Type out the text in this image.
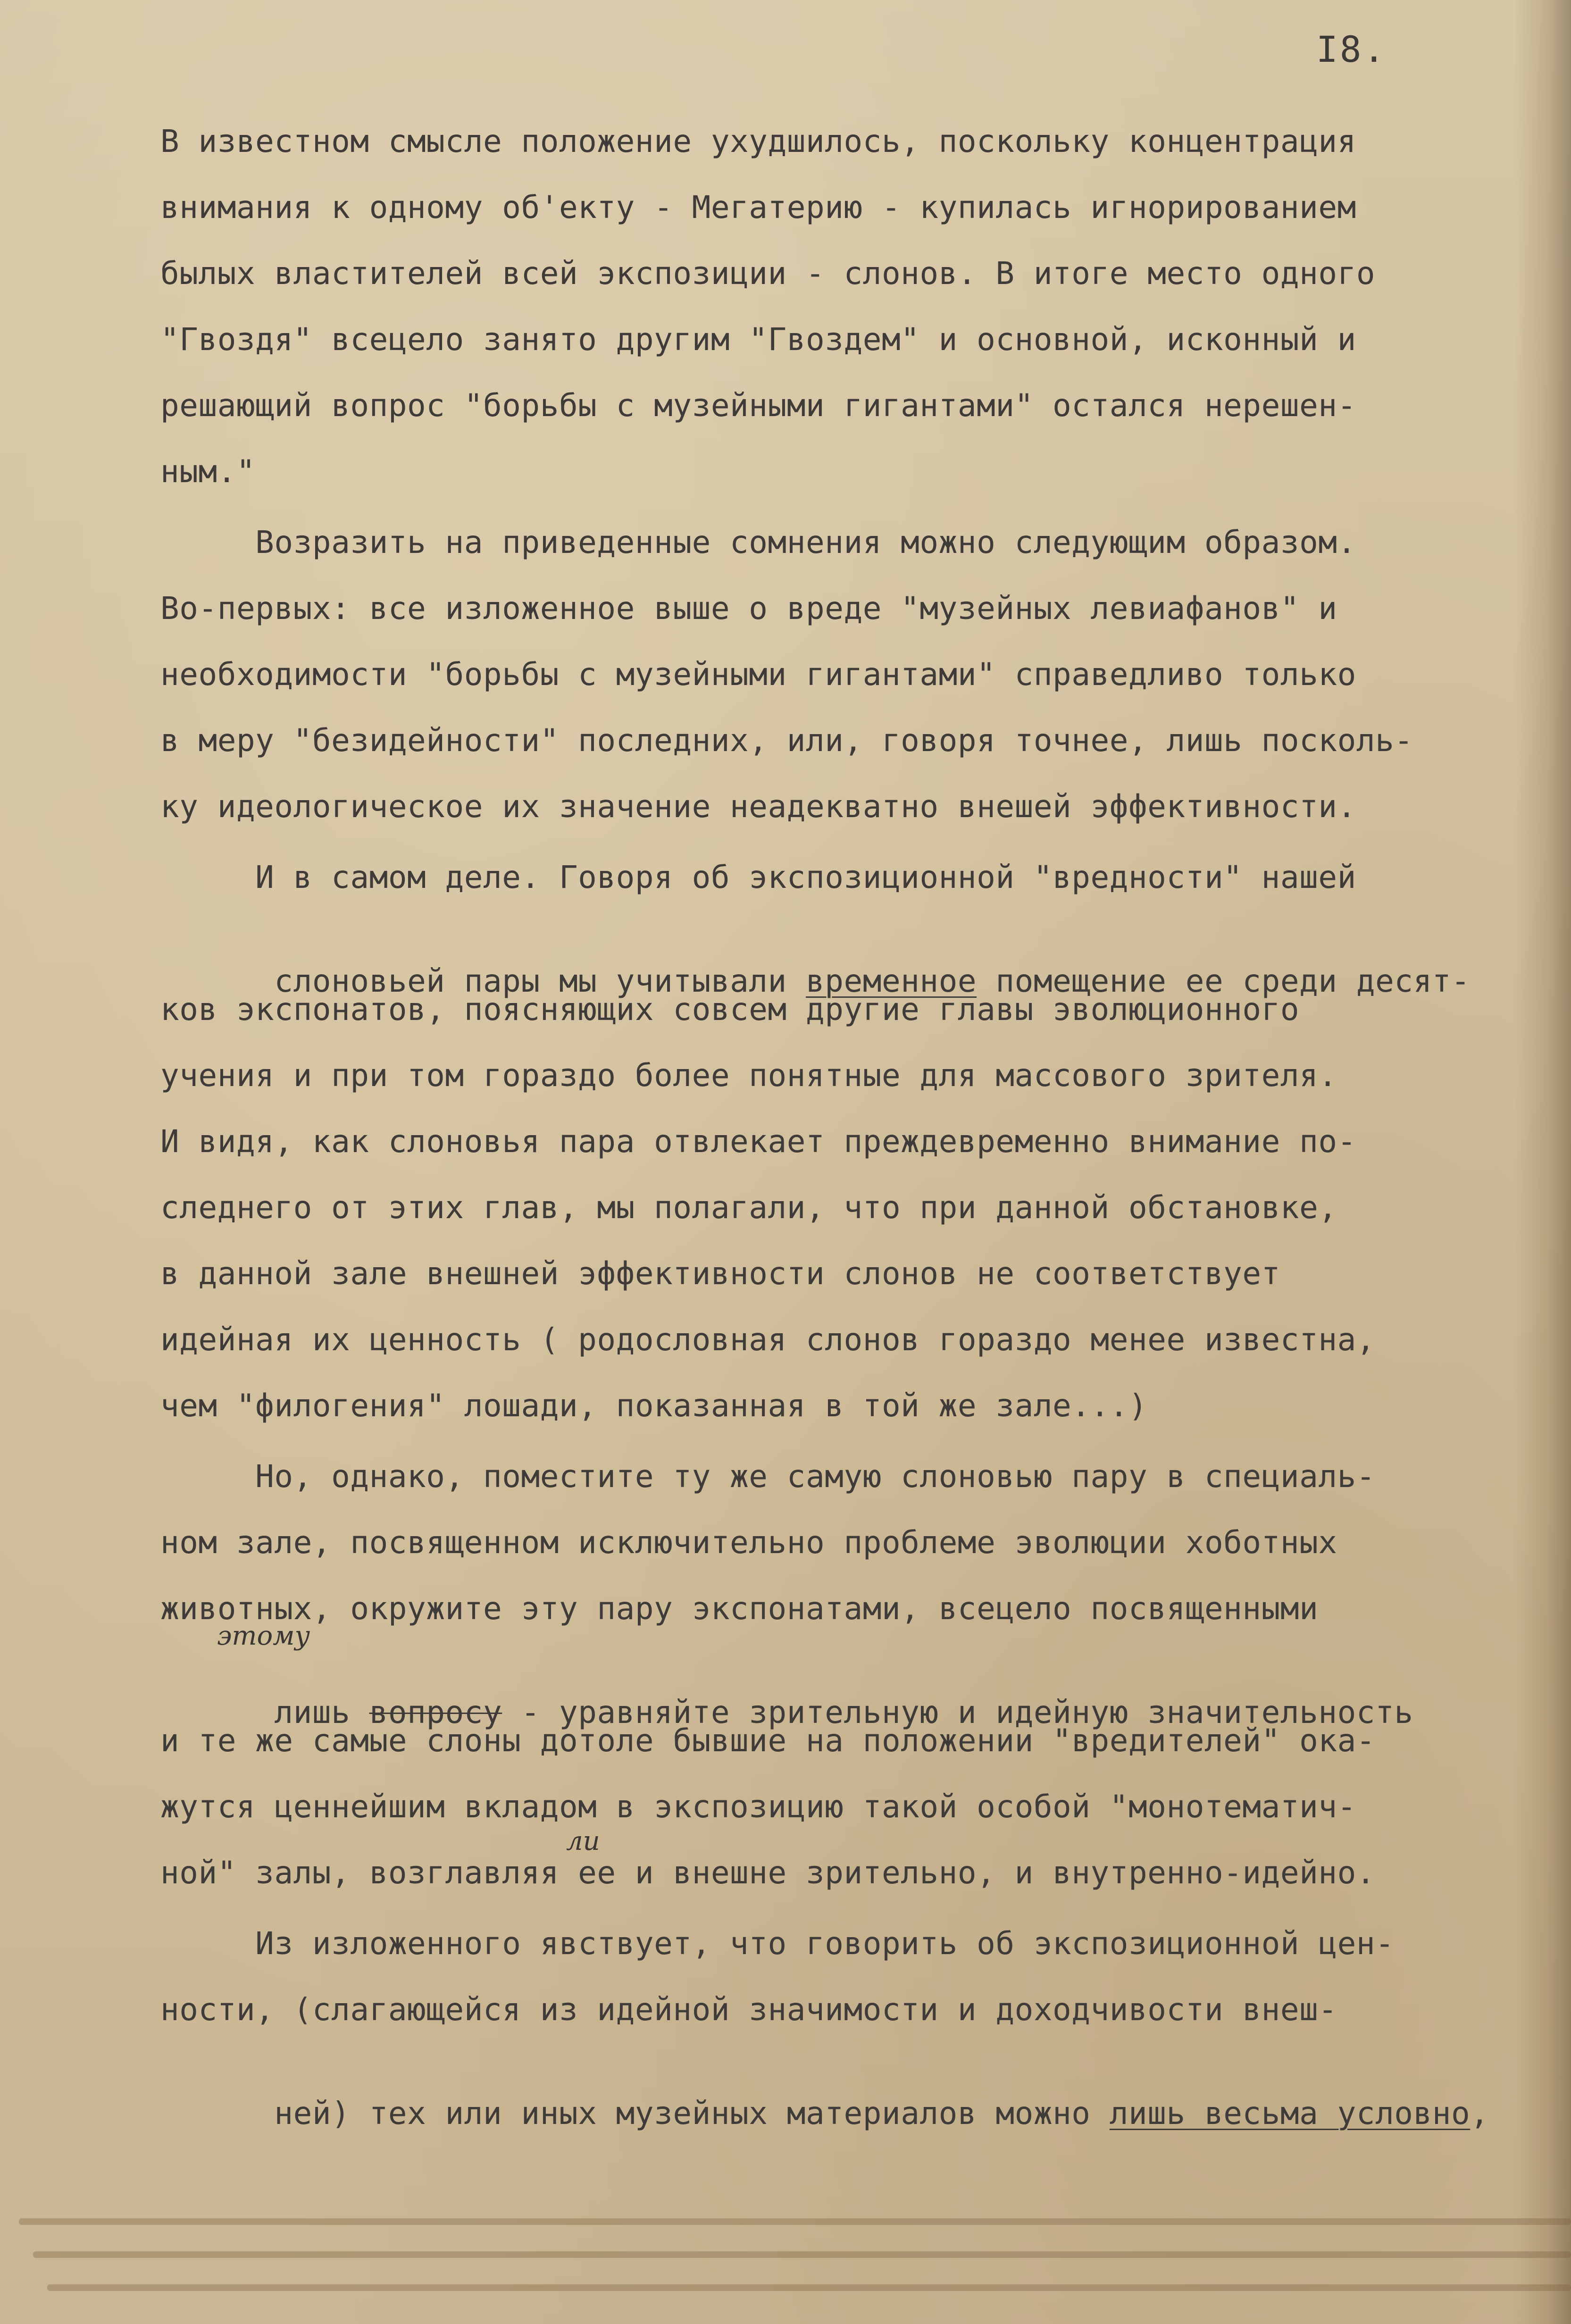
I8.
В известном смысле положение ухудшилось, поскольку концентрация
внимания к одному об'екту - Мегатерию - купилась игнорированием
былых властителей всей экспозиции - слонов. В итоге место одного
"Гвоздя" всецело занято другим "Гвоздем" и основной, исконный и
решающий вопрос "борьбы с музейными гигантами" остался нерешен-
ным."
Возразить на приведенные сомнения можно следующим образом.
Во-первых: все изложенное выше о вреде "музейных левиафанов" и
необходимости "борьбы с музейными гигантами" справедливо только
в меру "безидейности" последних, или, говоря точнее, лишь посколь-
ку идеологическое их значение неадекватно внешей эффективности.
И в самом деле. Говоря об экспозиционной "вредности" нашей

слоновьей пары мы учитывали временное помещение ее среди десят-

ков экспонатов, поясняющих совсем другие главы эволюционного
учения и при том гораздо более понятные для массового зрителя.
И видя, как слоновья пара отвлекает преждевременно внимание по-
следнего от этих глав, мы полагали, что при данной обстановке,
в данной зале внешней эффективности слонов не соответствует
идейная их ценность ( родословная слонов гораздо менее известна,
чем "филогения" лошади, показанная в той же зале...)
Но, однако, поместите ту же самую слоновью пару в специаль-
ном зале, посвященном исключительно проблеме эволюции хоботных
животных, окружите эту пару экспонатами, всецело посвященными
этому

лишь вопросу - уравняйте зрительную и идейную значительность

и те же самые слоны дотоле бывшие на положении "вредителей" ока-
жутся ценнейшим вкладом в экспозицию такой особой "монотематич-
ли
ной" залы, возглавляя ее и внешне зрительно, и внутренно-идейно.
Из изложенного явствует, что говорить об экспозиционной цен-
ности, (слагающейся из идейной значимости и доходчивости внеш-

ней) тех или иных музейных материалов можно лишь весьма условно,
